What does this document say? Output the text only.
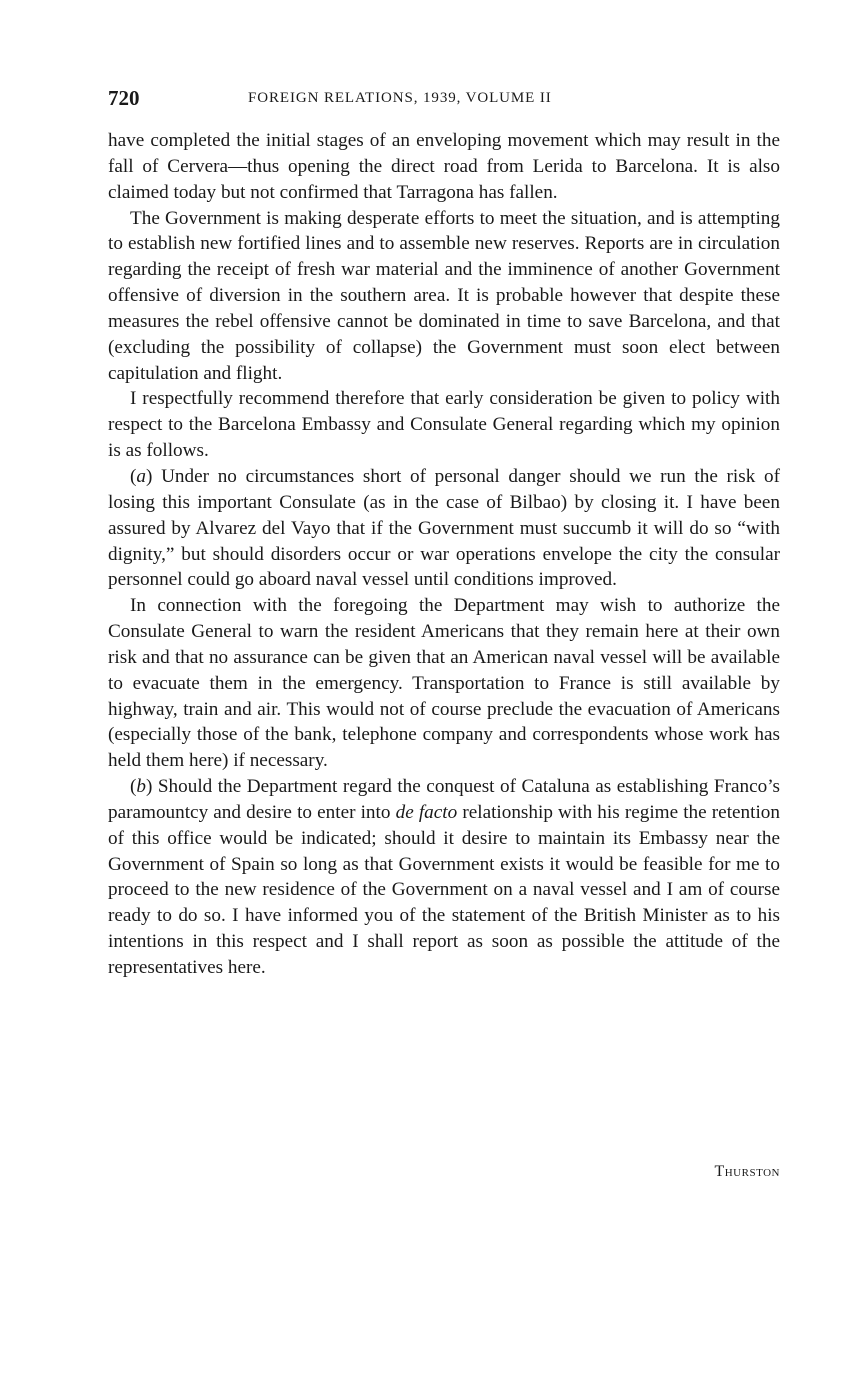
720	FOREIGN RELATIONS, 1939, VOLUME II

have completed the initial stages of an enveloping movement which may result in the fall of Cervera—thus opening the direct road from Lerida to Barcelona. It is also claimed today but not confirmed that Tarragona has fallen.

The Government is making desperate efforts to meet the situation, and is attempting to establish new fortified lines and to assemble new reserves. Reports are in circulation regarding the receipt of fresh war material and the imminence of another Government offensive of diversion in the southern area. It is probable however that despite these measures the rebel offensive cannot be dominated in time to save Barcelona, and that (excluding the possibility of collapse) the Government must soon elect between capitulation and flight.

I respectfully recommend therefore that early consideration be given to policy with respect to the Barcelona Embassy and Consulate General regarding which my opinion is as follows.

(a) Under no circumstances short of personal danger should we run the risk of losing this important Consulate (as in the case of Bilbao) by closing it. I have been assured by Alvarez del Vayo that if the Government must succumb it will do so “with dignity,” but should disorders occur or war operations envelope the city the consular personnel could go aboard naval vessel until conditions improved.

In connection with the foregoing the Department may wish to authorize the Consulate General to warn the resident Americans that they remain here at their own risk and that no assurance can be given that an American naval vessel will be available to evacuate them in the emergency. Transportation to France is still available by highway, train and air. This would not of course preclude the evacuation of Americans (especially those of the bank, telephone company and correspondents whose work has held them here) if necessary.

(b) Should the Department regard the conquest of Cataluna as establishing Franco’s paramountcy and desire to enter into de facto relationship with his regime the retention of this office would be indicated; should it desire to maintain its Embassy near the Government of Spain so long as that Government exists it would be feasible for me to proceed to the new residence of the Government on a naval vessel and I am of course ready to do so. I have informed you of the statement of the British Minister as to his intentions in this respect and I shall report as soon as possible the attitude of the representatives here.

Thurston
